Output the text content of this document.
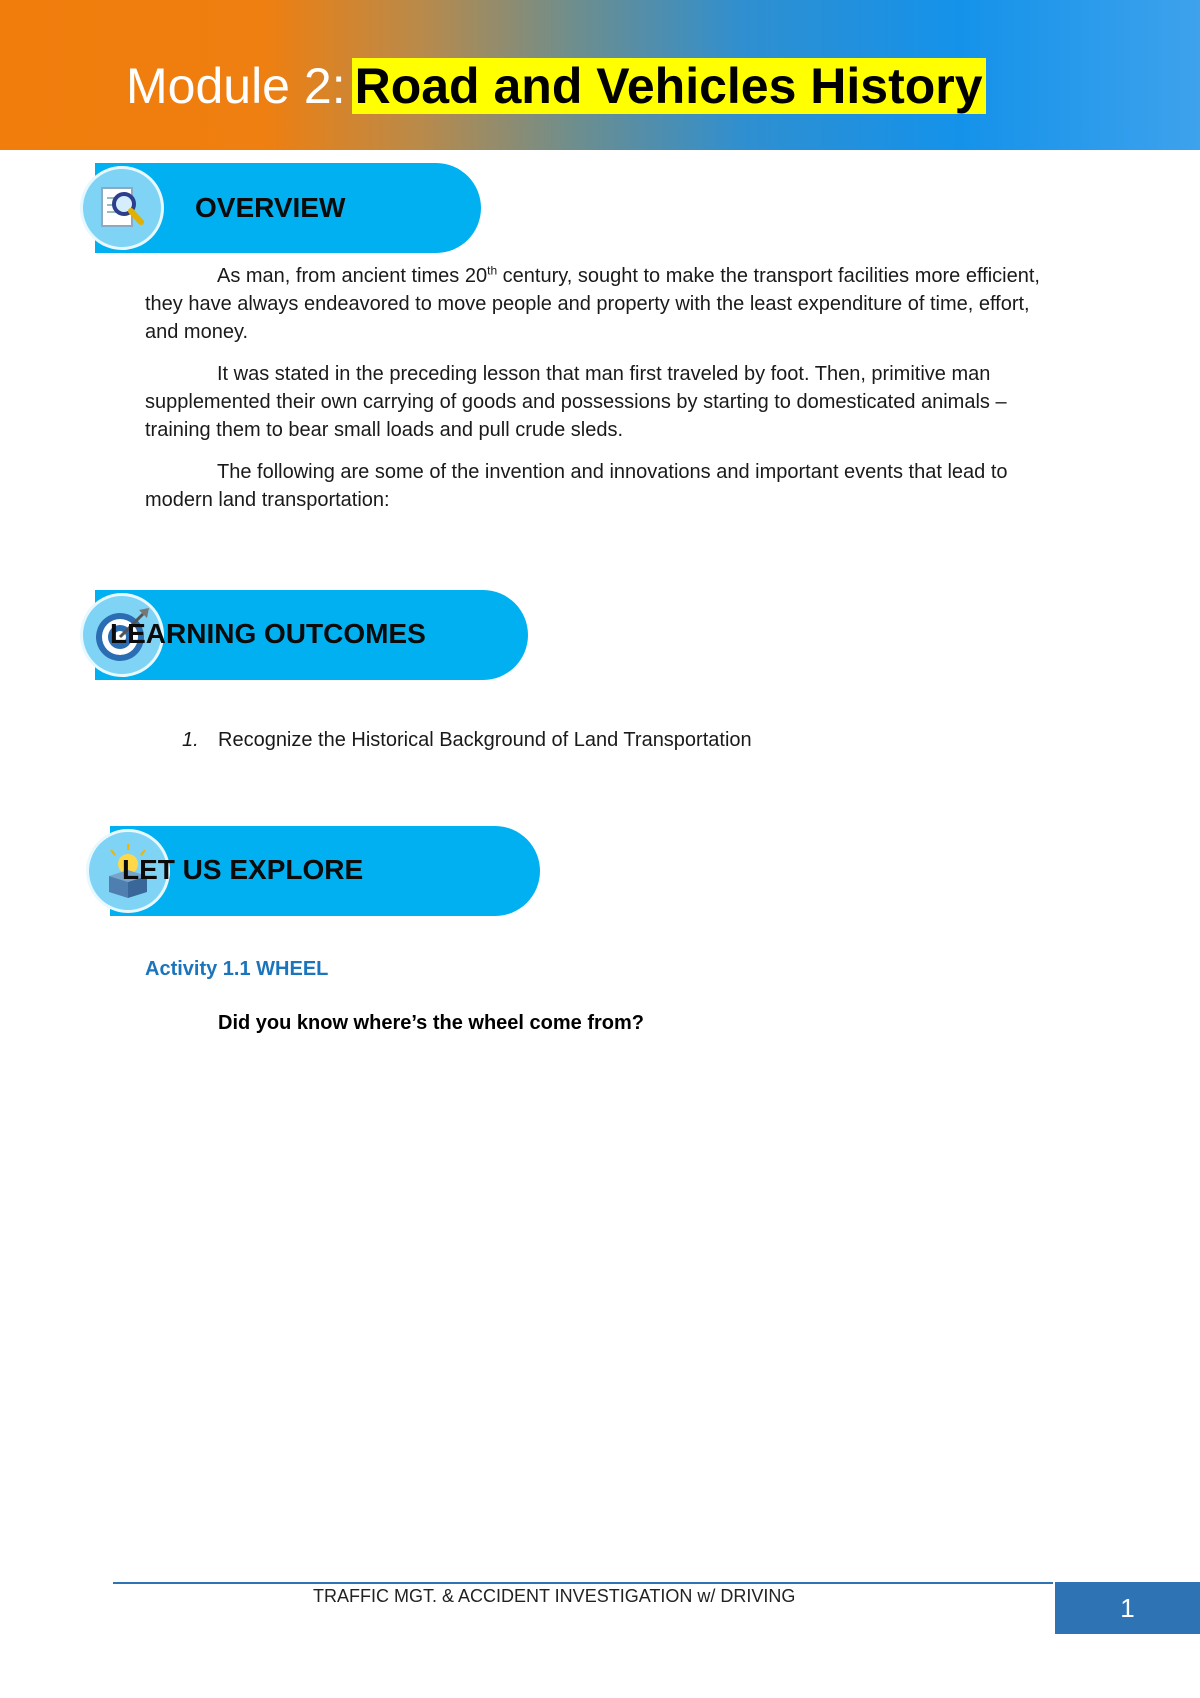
Module 2: Road and Vehicles History
OVERVIEW

As man, from ancient times 20th century, sought to make the transport facilities more efficient, they have always endeavored to move people and property with the least expenditure of time, effort, and money.

It was stated in the preceding lesson that man first traveled by foot. Then, primitive man supplemented their own carrying of goods and possessions by starting to domesticated animals – training them to bear small loads and pull crude sleds.

The following are some of the invention and innovations and important events that lead to modern land transportation:

LEARNING OUTCOMES
1. Recognize the Historical Background of Land Transportation
LET US EXPLORE
Activity 1.1 WHEEL
Did you know where’s the wheel come from?
TRAFFIC MGT. & ACCIDENT INVESTIGATION w/ DRIVING	1
